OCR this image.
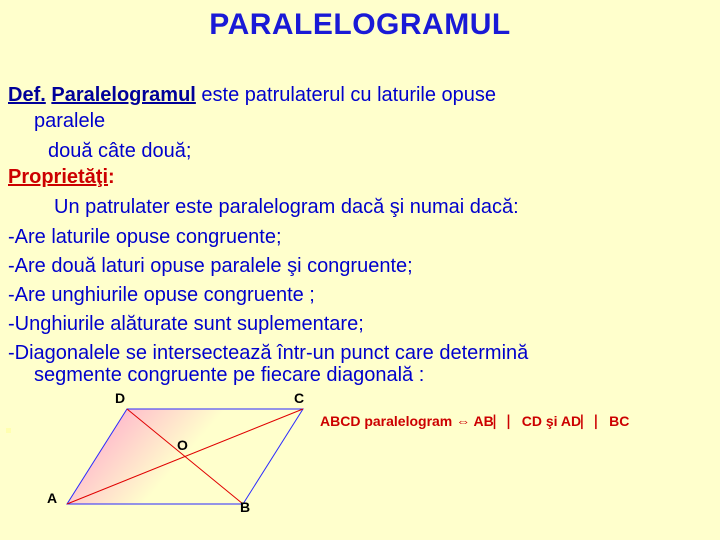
PARALELOGRAMUL
Def. Paralelogramul este patrulaterul cu laturile opuse
paralele
două câte două;
Proprietăţi:
Un patrulater este paralelogram dacă şi numai dacă:
-Are laturile opuse congruente;
-Are două laturi opuse paralele şi congruente;
-Are unghiurile opuse congruente ;
-Unghiurile alăturate sunt suplementare;
-Diagonalele se intersectează într-un punct care determină
segmente congruente pe fiecare diagonală :
D	C
O
A
B
ABCD paralelogram ⇔ AB⎸⎸CD şi AD⎸⎸BC
